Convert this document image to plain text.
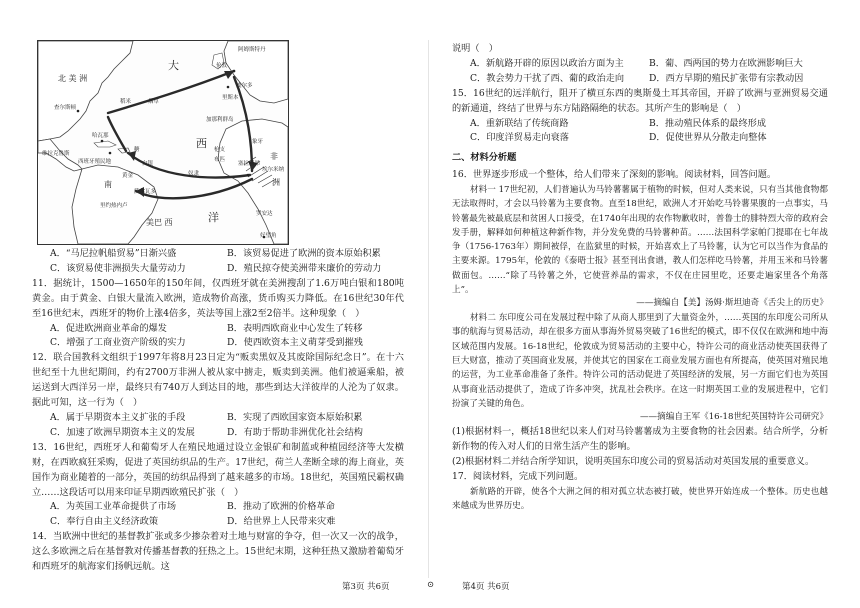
北 美 洲
大
西
洋
南
美巴 西
查尔斯顿
阿姆斯特丹
伦敦
波尔多
里斯本
加那利群岛
维拉克鲁斯
哈瓦那
西班牙殖民地
稻米	烟草
糖
白银
黄金
枪支
布匹
奴隶
象牙
塞拉利昂
埃尔米纳
非
洲
罗安达
好望角
萨尔瓦多
里约热内卢
A．“马尼拉帆船贸易”日渐兴盛	B．该贸易促进了欧洲的资本原始积累
C．该贸易使非洲损失大量劳动力	D．殖民掠夺使美洲带来廉价的劳动力

11．据统计，1500—1650年的150年间，仅西班牙就在美洲搜刮了1.6万吨白银和180吨黄金。由于黄金、白银大量流入欧洲，造成物价高涨，货币购买力降低。在16世纪30年代至16世纪末，西班牙的物价上涨4倍多，英法等国上涨2至2倍半。这种现象（　）

A．促进欧洲商业革命的爆发	B．表明西欧商业中心发生了转移
C．增强了工商业资产阶级的实力	D．使西欧资本主义萌芽受到摧残

12．联合国教科文组织于1997年将8月23日定为“贩卖黑奴及其废除国际纪念日”。在十六世纪至十九世纪期间，约有2700万非洲人被从家中掳走，贩卖到美洲。他们被逼乘船，被运送到大西洋另一岸，最终只有740万人到达目的地，那些到达大洋彼岸的人沦为了奴隶。据此可知，这一行为（　）

A．属于早期资本主义扩张的手段	B．实现了西欧国家资本原始积累
C．加速了欧洲早期资本主义的发展	D．有助于帮助非洲优化社会结构

13．16世纪，西班牙人和葡萄牙人在殖民地通过设立金银矿和制蓝或种植园经济等大发横财，在西欧疯狂采购，促进了英国纺织品的生产。17世纪，荷兰人垄断全球的海上商业，英国作为商业随着的一部分，英国的纺织品得到了越来越多的市场。18世纪，英国殖民霸权确立……这段话可以用来印证早期西欧殖民扩张（　）

A．为英国工业革命提供了市场	B．推动了欧洲的价格革命
C．奉行自由主义经济政策	D．给世界上人民带来灾难

14．当欧洲中世纪的基督教扩张或多少掺杂着对土地与财富的争夺，但一次又一次的战争，这么多欧洲之后在基督教对传播基督教的狂热之上。15世纪末期，这种狂热又激励着葡萄牙和西班牙的航海家们扬帆远航。这

说明（　）

A．新航路开辟的原因以政治方面为主	B．葡、西两国的势力在欧洲影响巨大
C．教会势力干扰了西、葡的政治走向	D．西方早期的殖民扩张带有宗教动因

15．16世纪的远洋航行，阻开了横亘东西的奥斯曼土耳其帝国，开辟了欧洲与亚洲贸易交通的新通道，终结了世界与东方陆路隔绝的状态。其所产生的影响是（　）

A．重新联结了传统商路	B．推动殖民体系的最终形成
C．印度洋贸易走向衰落	D．促使世界从分散走向整体
二、材料分析题

16．世界逐步形成一个整体，给人们带来了深刻的影响。阅读材料，回答问题。

材料一 17世纪初，人们普遍认为马铃薯薯属于植物的时候，但对人类来说，只有当其他食物都无法取得时，才会以马铃薯为主要食物。直至18世纪，欧洲人才开始吃马铃薯果腹的一点事实，马铃薯最先被最底层和贫困人口接受，在1740年出现的农作物歉收时，普鲁士的腓特烈大帝的政府会发手册，解释如何种植这种新作物，并分发免费的马铃薯种苗。……法国科学家帕门提耶在七年战争（1756-1763年）期间被俘，在监狱里的时候，开始喜欢上了马铃薯，认为它可以当作为食品的主要来源。1795年，伦敦的《泰晤士报》甚至刊出食谱，教人们怎样吃马铃薯，并用玉米和马铃薯做面包。……“除了马铃薯之外，它使营养品的需求，不仅在庄园里吃，还要走遍家里各个角落上”。

——摘编自【美】汤姆·斯坦迪奇《舌尖上的历史》

材料二 东印度公司在发展过程中除了从商人那里到了大量资金外，……英国的东印度公司所从事的航海与贸易活动，却在很多方面从事海外贸易突破了16世纪的模式，即不仅仅在欧洲和地中海区域范围内发展。16-18世纪，伦敦成为贸易活动的主要中心，特许公司的商业活动使英国获得了巨大财富，推动了英国商业发展，并使其它的国家在工商业发展方面也有所提高，使英国对殖民地的运营，为工业革命准备了条件。特许公司的活动促进了英国经济的发展，另一方面它们也为英国从事商业活动提供了，造成了许多冲突，扰乱社会秩序。在这一时期英国工业的发展进程中，它们扮演了关键的角色。

——摘编自王军《16-18世纪英国特许公司研究》

(1)根据材料一，概括18世纪以来人们对马铃薯薯成为主要食物的社会因素。结合所学，分析新作物的传入对人们的日常生活产生的影响。

(2)根据材料二并结合所学知识，说明英国东印度公司的贸易活动对英国发展的重要意义。

17．阅读材料，完成下列问题。

新航路的开辟，使各个大洲之间的相对孤立状态被打破，使世界开始连成一个整体。历史也越来越成为世界历史。

第3页 共6页	⊙	第4页 共6页
